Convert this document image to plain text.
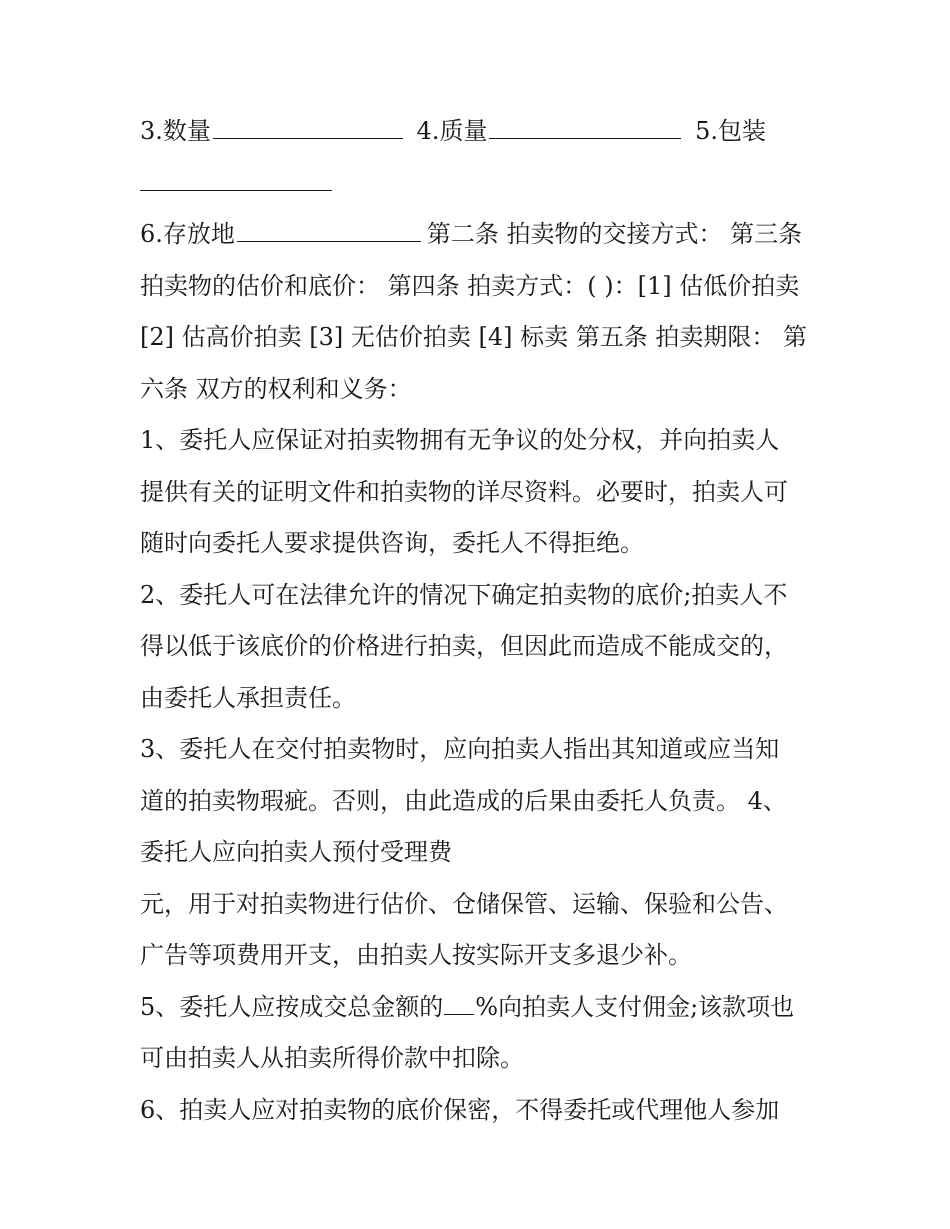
3.数量	4.质量	5.包装
6.存放地	第二条 拍卖物的交接方式： 第三条
拍卖物的估价和底价： 第四条 拍卖方式：( )：[1] 估低价拍卖
[2] 估高价拍卖 [3] 无估价拍卖 [4] 标卖 第五条 拍卖期限： 第
六条 双方的权利和义务：
1、委托人应保证对拍卖物拥有无争议的处分权，并向拍卖人
提供有关的证明文件和拍卖物的详尽资料。必要时，拍卖人可
随时向委托人要求提供咨询，委托人不得拒绝。
2、委托人可在法律允许的情况下确定拍卖物的底价;拍卖人不
得以低于该底价的价格进行拍卖，但因此而造成不能成交的，
由委托人承担责任。
3、委托人在交付拍卖物时，应向拍卖人指出其知道或应当知
道的拍卖物瑕疵。否则，由此造成的后果由委托人负责。 4、
委托人应向拍卖人预付受理费
元，用于对拍卖物进行估价、仓储保管、运输、保验和公告、
广告等项费用开支，由拍卖人按实际开支多退少补。
5、委托人应按成交总金额的 %向拍卖人支付佣金;该款项也
可由拍卖人从拍卖所得价款中扣除。
6、拍卖人应对拍卖物的底价保密，不得委托或代理他人参加
